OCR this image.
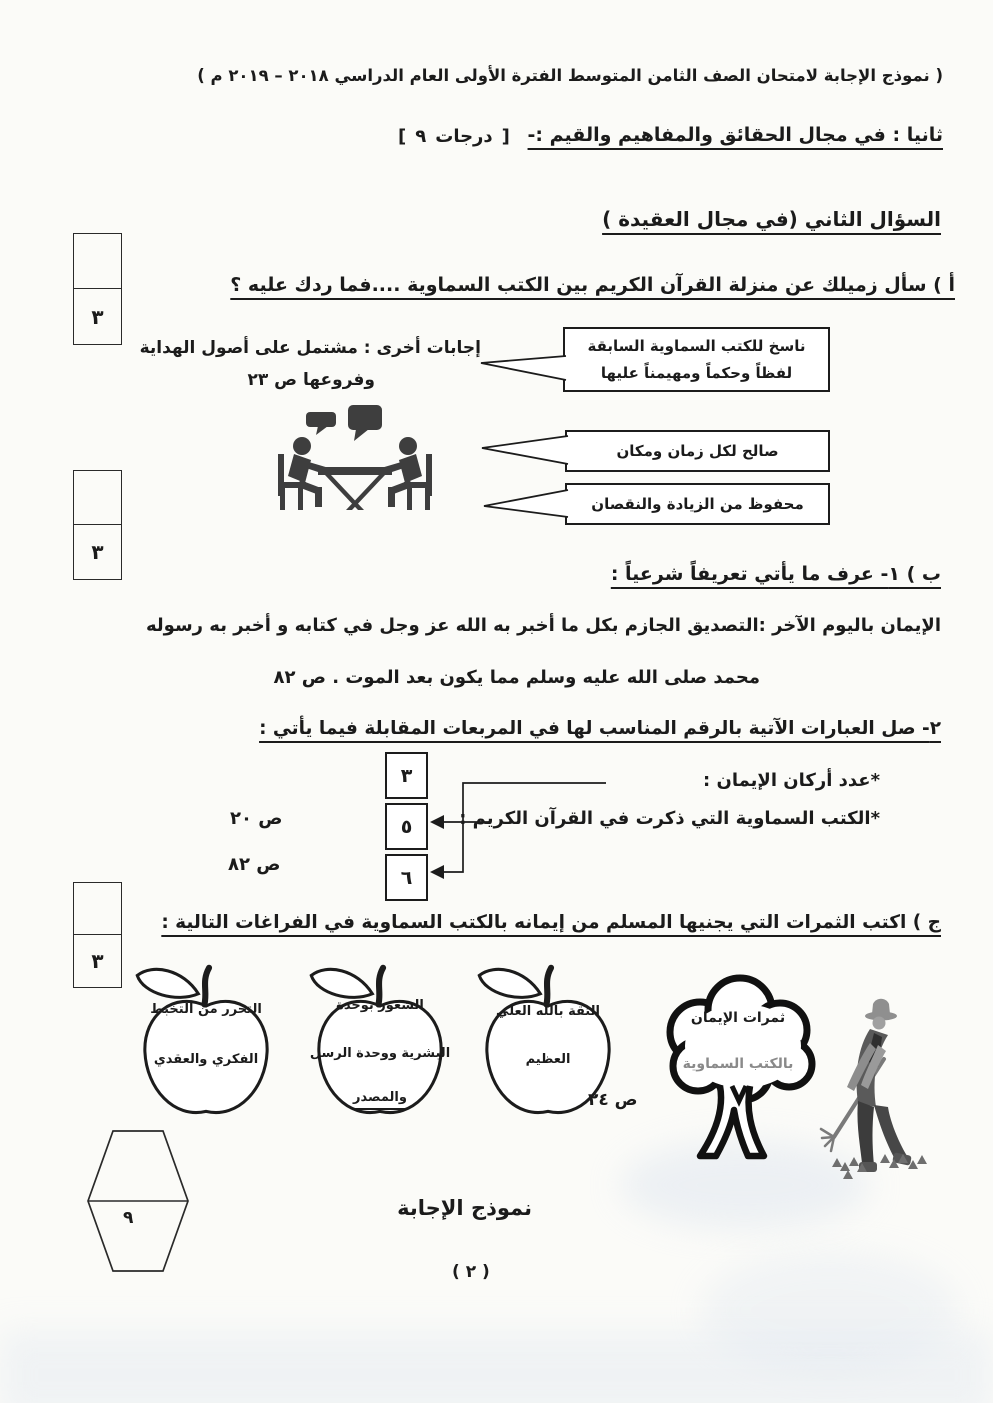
( نموذج الإجابة لامتحان الصف الثامن المتوسط الفترة الأولى العام الدراسي ٢٠١٨ – ٢٠١٩ م )
ثانيا : في مجال الحقائق والمفاهيم والقيم :-
[ ٩ درجات ]
السؤال الثاني (في مجال العقيدة )
أ ) سأل زميلك عن منزلة القرآن الكريم بين الكتب السماوية ....فما ردك عليه ؟
٣
٣
٣
ناسخ للكتب السماوية السابقة لفظاً وحكماً ومهيمناً عليها
صالح لكل زمان ومكان
محفوظ من الزيادة والنقصان
إجابات أخرى : مشتمل على أصول الهداية
وفروعها ص ٢٣
ب ) ١- عرف ما يأتي تعريفاً شرعياً :
الإيمان باليوم الآخر :التصديق الجازم بكل ما أخبر به الله عز وجل في كتابه و أخبر به رسوله
محمد صلى الله عليه وسلم مما يكون بعد الموت . ص ٨٢
٢- صل العبارات الآتية بالرقم المناسب لها في المربعات المقابلة فيما يأتي :
٣
٥
٦
*عدد أركان الإيمان :
*الكتب السماوية التي ذكرت في القرآن الكريم :
ص ٢٠
ص ٨٢
ج ) اكتب الثمرات التي يجنيها المسلم من إيمانه بالكتب السماوية في الفراغات التالية :
التحرر من التخبط
الفكري والعقدي
الشعور بوحدة
البشرية ووحدة الرسل
والمصدر
الثقة بالله العلي
العظيم
ثمرات الإيمان
بالكتب السماوية
ص ٢٤
٩	نموذج الإجابة
( ٢ )
